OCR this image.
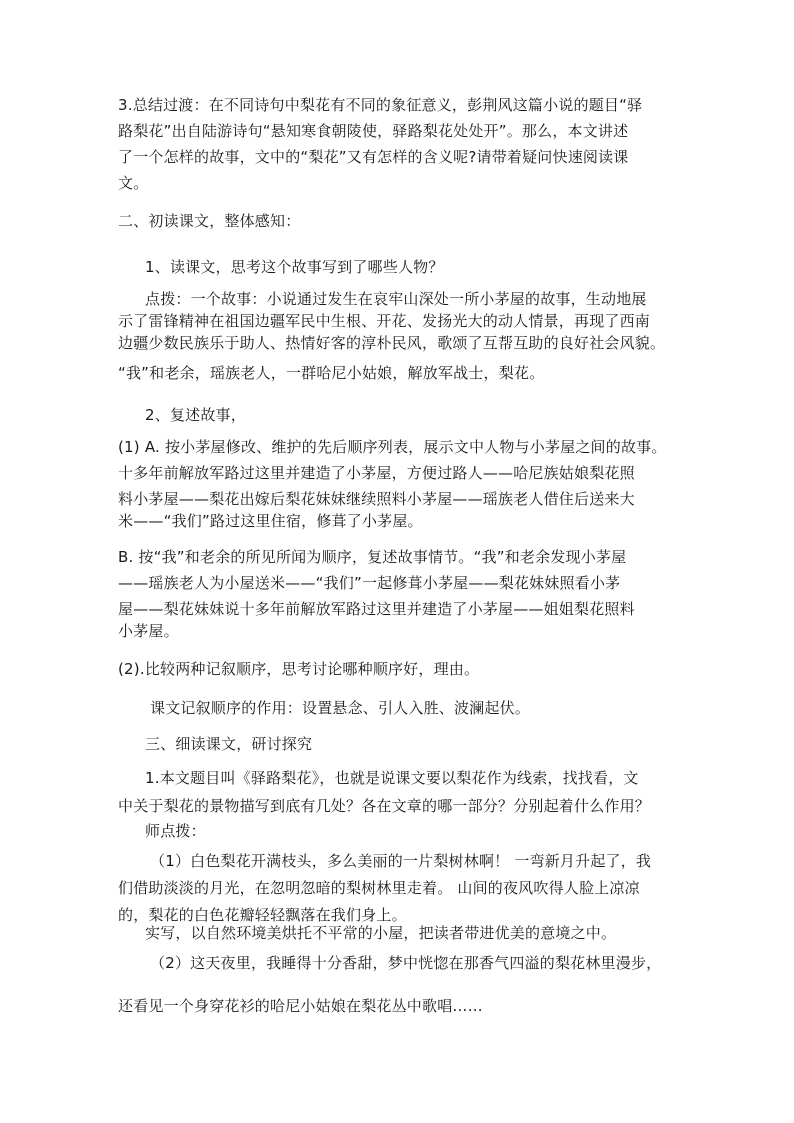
3.总结过渡：在不同诗句中梨花有不同的象征意义，彭荆风这篇小说的题目“驿
路梨花”出自陆游诗句“悬知寒食朝陵使，驿路梨花处处开”。那么，本文讲述
了一个怎样的故事，文中的“梨花”又有怎样的含义呢?请带着疑问快速阅读课
文。
二、初读课文，整体感知：
1、读课文，思考这个故事写到了哪些人物？
点拨：一个故事：小说通过发生在哀牢山深处一所小茅屋的故事，生动地展
示了雷锋精神在祖国边疆军民中生根、开花、发扬光大的动人情景，再现了西南
边疆少数民族乐于助人、热情好客的淳朴民风，歌颂了互帮互助的良好社会风貌。
“我”和老余，瑶族老人，一群哈尼小姑娘，解放军战士，梨花。
2、复述故事，
(1) A. 按小茅屋修改、维护的先后顺序列表，展示文中人物与小茅屋之间的故事。
十多年前解放军路过这里并建造了小茅屋，方便过路人——哈尼族姑娘梨花照
料小茅屋——梨花出嫁后梨花妹妹继续照料小茅屋——瑶族老人借住后送来大
米——“我们”路过这里住宿，修葺了小茅屋。
B. 按“我”和老余的所见所闻为顺序，复述故事情节。“我”和老余发现小茅屋
——瑶族老人为小屋送米——“我们”一起修葺小茅屋——梨花妹妹照看小茅
屋——梨花妹妹说十多年前解放军路过这里并建造了小茅屋——姐姐梨花照料
小茅屋。
(2).比较两种记叙顺序，思考讨论哪种顺序好，理由。
课文记叙顺序的作用：设置悬念、引人入胜、波澜起伏。
三、细读课文，研讨探究
1.本文题目叫《驿路梨花》，也就是说课文要以梨花作为线索，找找看，文
中关于梨花的景物描写到底有几处？各在文章的哪一部分？分别起着什么作用？
师点拨：
（1）白色梨花开满枝头，多么美丽的一片梨树林啊！ 一弯新月升起了，我
们借助淡淡的月光，在忽明忽暗的梨树林里走着。 山间的夜风吹得人脸上凉凉
的，梨花的白色花瓣轻轻飘落在我们身上。
实写，以自然环境美烘托不平常的小屋，把读者带进优美的意境之中。
（2）这天夜里，我睡得十分香甜，梦中恍惚在那香气四溢的梨花林里漫步，
还看见一个身穿花衫的哈尼小姑娘在梨花丛中歌唱……
